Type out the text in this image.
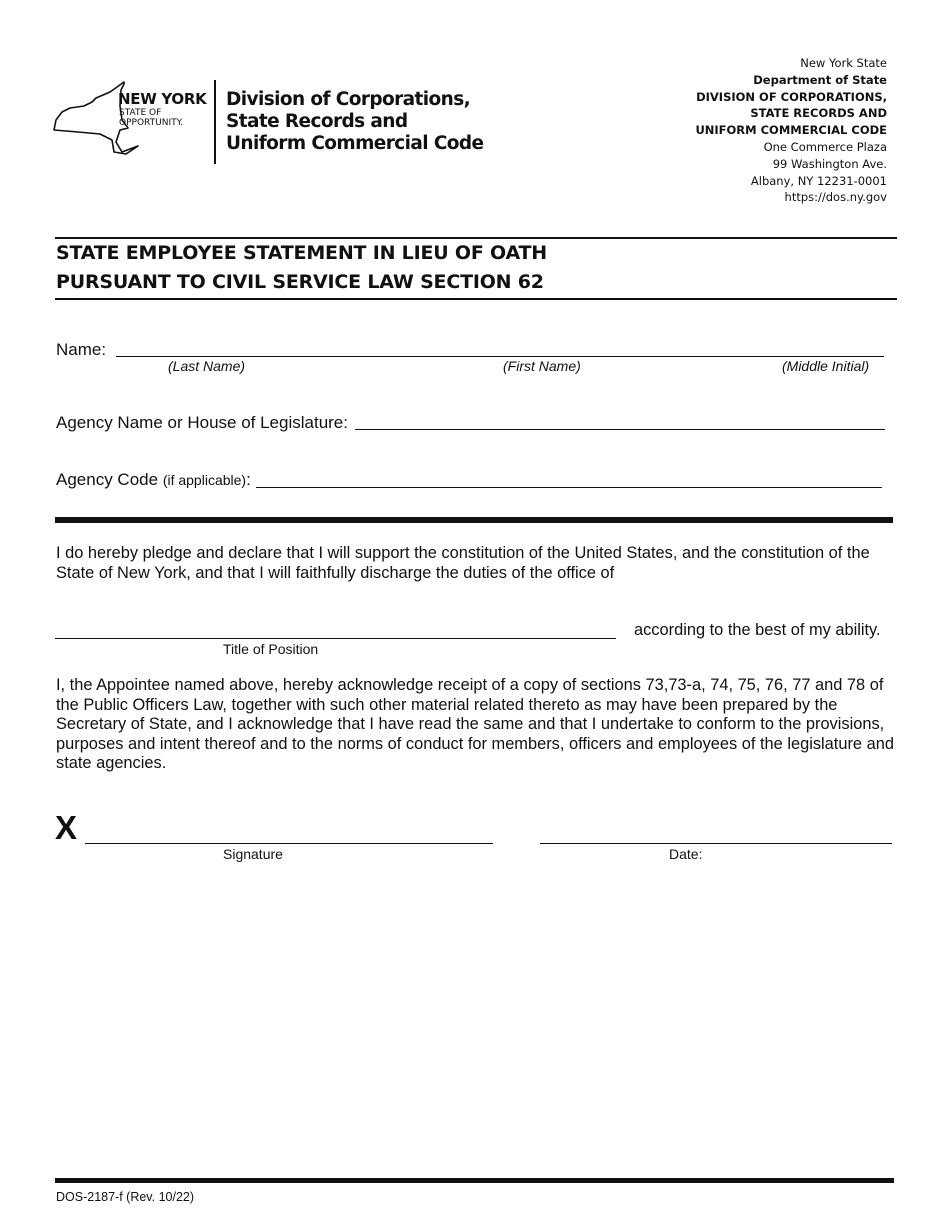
NEW YORK
STATE OF
OPPORTUNITY.
Division of Corporations,
State Records and
Uniform Commercial Code
New York State
Department of State
DIVISION OF CORPORATIONS,
STATE RECORDS AND
UNIFORM COMMERCIAL CODE
One Commerce Plaza
99 Washington Ave.
Albany, NY 12231-0001
https://dos.ny.gov
STATE EMPLOYEE STATEMENT IN LIEU OF OATH
PURSUANT TO CIVIL SERVICE LAW SECTION 62
Name:
(Last Name)	(First Name)	(Middle Initial)
Agency Name or House of Legislature:
Agency Code (if applicable):
I do hereby pledge and declare that I will support the constitution of the United States, and the constitution of the State of New York, and that I will faithfully discharge the duties of the office of
according to the best of my ability.
Title of Position
I, the Appointee named above, hereby acknowledge receipt of a copy of sections 73,73-a, 74, 75, 76, 77 and 78 of the Public Officers Law, together with such other material related thereto as may have been prepared by the Secretary of State, and I acknowledge that I have read the same and that I undertake to conform to the provisions, purposes and intent thereof and to the norms of conduct for members, officers and employees of the legislature and state agencies.
X
Signature	Date:
DOS-2187-f (Rev. 10/22)
